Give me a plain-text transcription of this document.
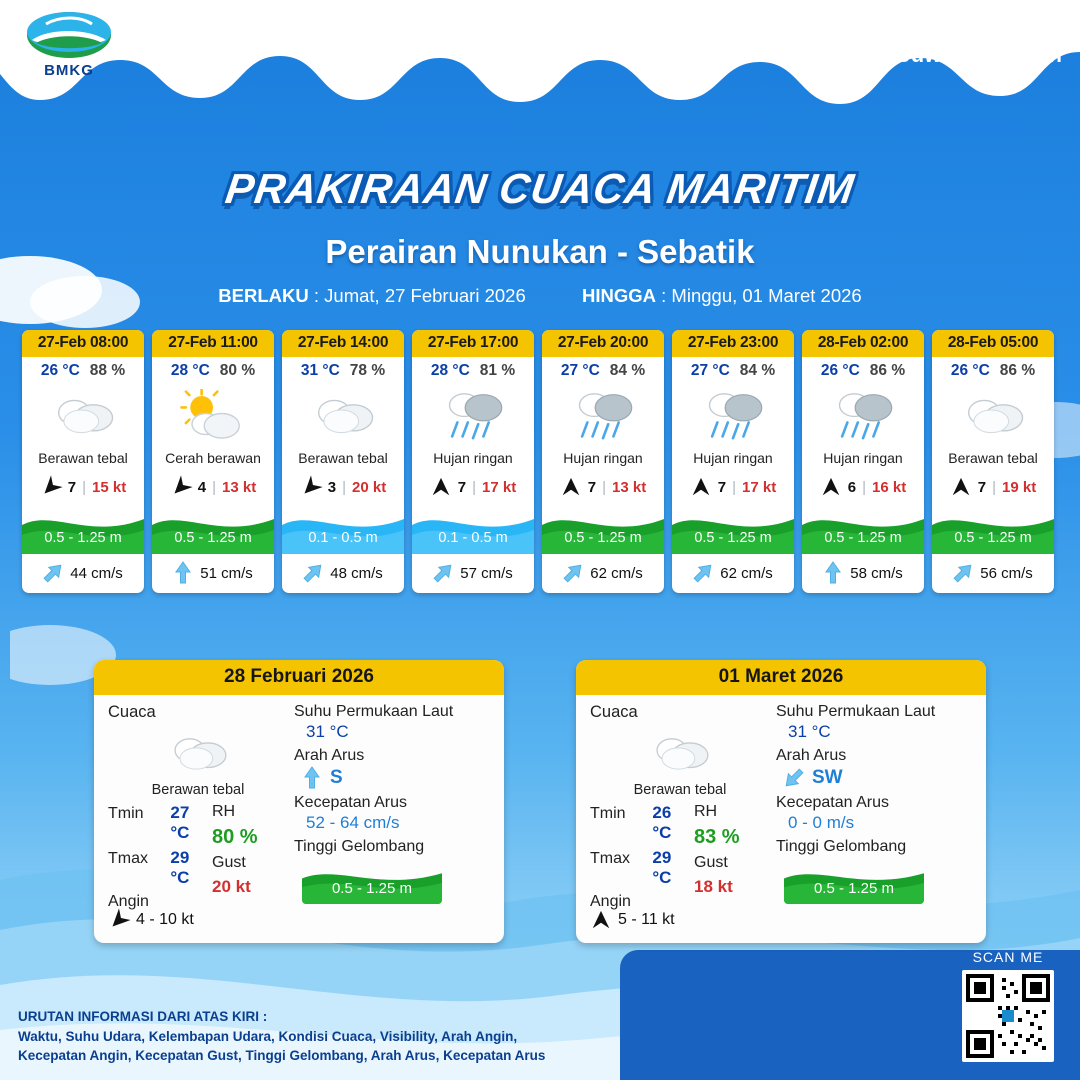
BMKG
BADAN METEOROLOGI KLIMATOLOGI DAN GEOFISIKA
Stasiun Meteorologi Juwata Tarakan
PRAKIRAAN CUACA MARITIM
Perairan Nunukan - Sebatik
BERLAKU : Jumat, 27 Februari 2026	HINGGA : Minggu, 01 Maret 2026
27-Feb 08:00
26 °C 88 %
Berawan tebal
7 | 15 kt
0.5 - 1.25 m
44 cm/s
27-Feb 11:00
28 °C 80 %
Cerah berawan
4 | 13 kt
0.5 - 1.25 m
51 cm/s
27-Feb 14:00
31 °C 78 %
Berawan tebal
3 | 20 kt
0.1 - 0.5 m
48 cm/s
27-Feb 17:00
28 °C 81 %
Hujan ringan
7 | 17 kt
0.1 - 0.5 m
57 cm/s
27-Feb 20:00
27 °C 84 %
Hujan ringan
7 | 13 kt
0.5 - 1.25 m
62 cm/s
27-Feb 23:00
27 °C 84 %
Hujan ringan
7 | 17 kt
0.5 - 1.25 m
62 cm/s
28-Feb 02:00
26 °C 86 %
Hujan ringan
6 | 16 kt
0.5 - 1.25 m
58 cm/s
28-Feb 05:00
26 °C 86 %
Berawan tebal
7 | 19 kt
0.5 - 1.25 m
56 cm/s
28 Februari 2026
Cuaca
Berawan tebal
Tmin	27 °C
Tmax	29 °C
Angin
4 - 10 kt
RH
80 %
Gust
20 kt
Suhu Permukaan Laut
31 °C
Arah Arus
S
Kecepatan Arus
52 - 64 cm/s
Tinggi Gelombang
0.5 - 1.25 m
01 Maret 2026
Cuaca
Berawan tebal
Tmin	26 °C
Tmax	29 °C
Angin
5 - 11 kt
RH
83 %
Gust
18 kt
Suhu Permukaan Laut
31 °C
Arah Arus
SW
Kecepatan Arus
0 - 0 m/s
Tinggi Gelombang
0.5 - 1.25 m
URUTAN INFORMASI DARI ATAS KIRI :
Waktu, Suhu Udara, Kelembapan Udara, Kondisi Cuaca, Visibility, Arah Angin,
Kecepatan Angin, Kecepatan Gust, Tinggi Gelombang, Arah Arus, Kecepatan Arus
SCAN ME
